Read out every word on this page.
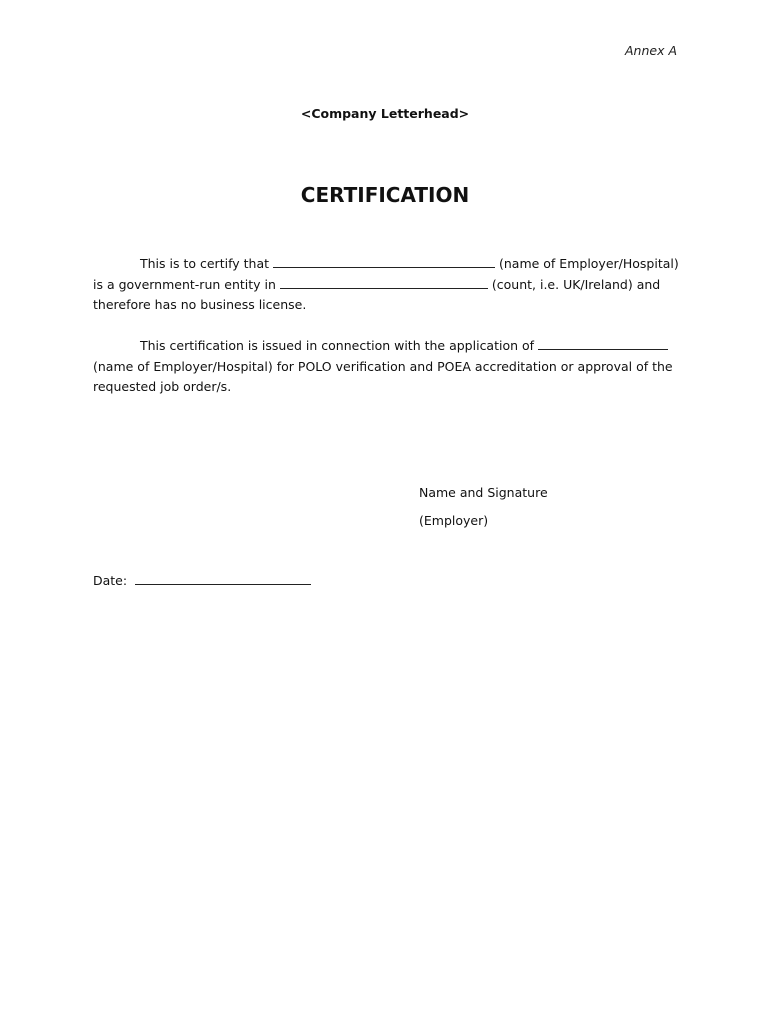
Annex A
<Company Letterhead>
CERTIFICATION
This is to certify that	(name of Employer/Hospital)
is a government-run entity in	(count, i.e. UK/Ireland) and
therefore has no business license.
This certification is issued in connection with the application of
(name of Employer/Hospital) for POLO verification and POEA accreditation or approval of the
requested job order/s.
Name and Signature
(Employer)
Date:
